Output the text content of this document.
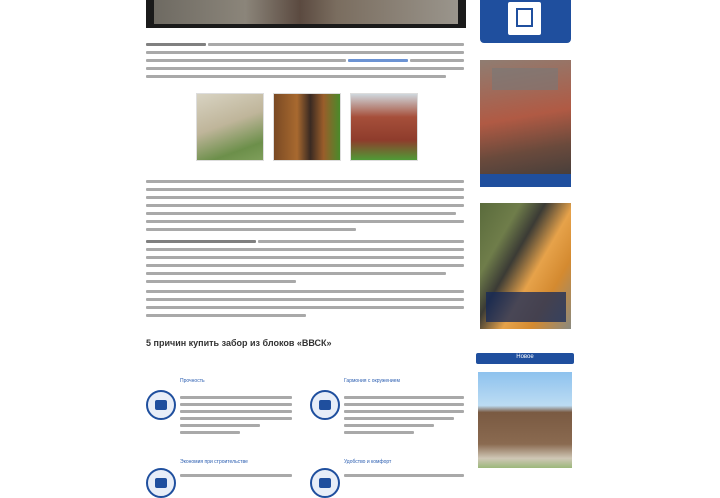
5 причин купить забор из блоков «ВВСК»
Прочность	Гармония с окружением
Экономия при строительстве	Удобство и комфорт
Новое
